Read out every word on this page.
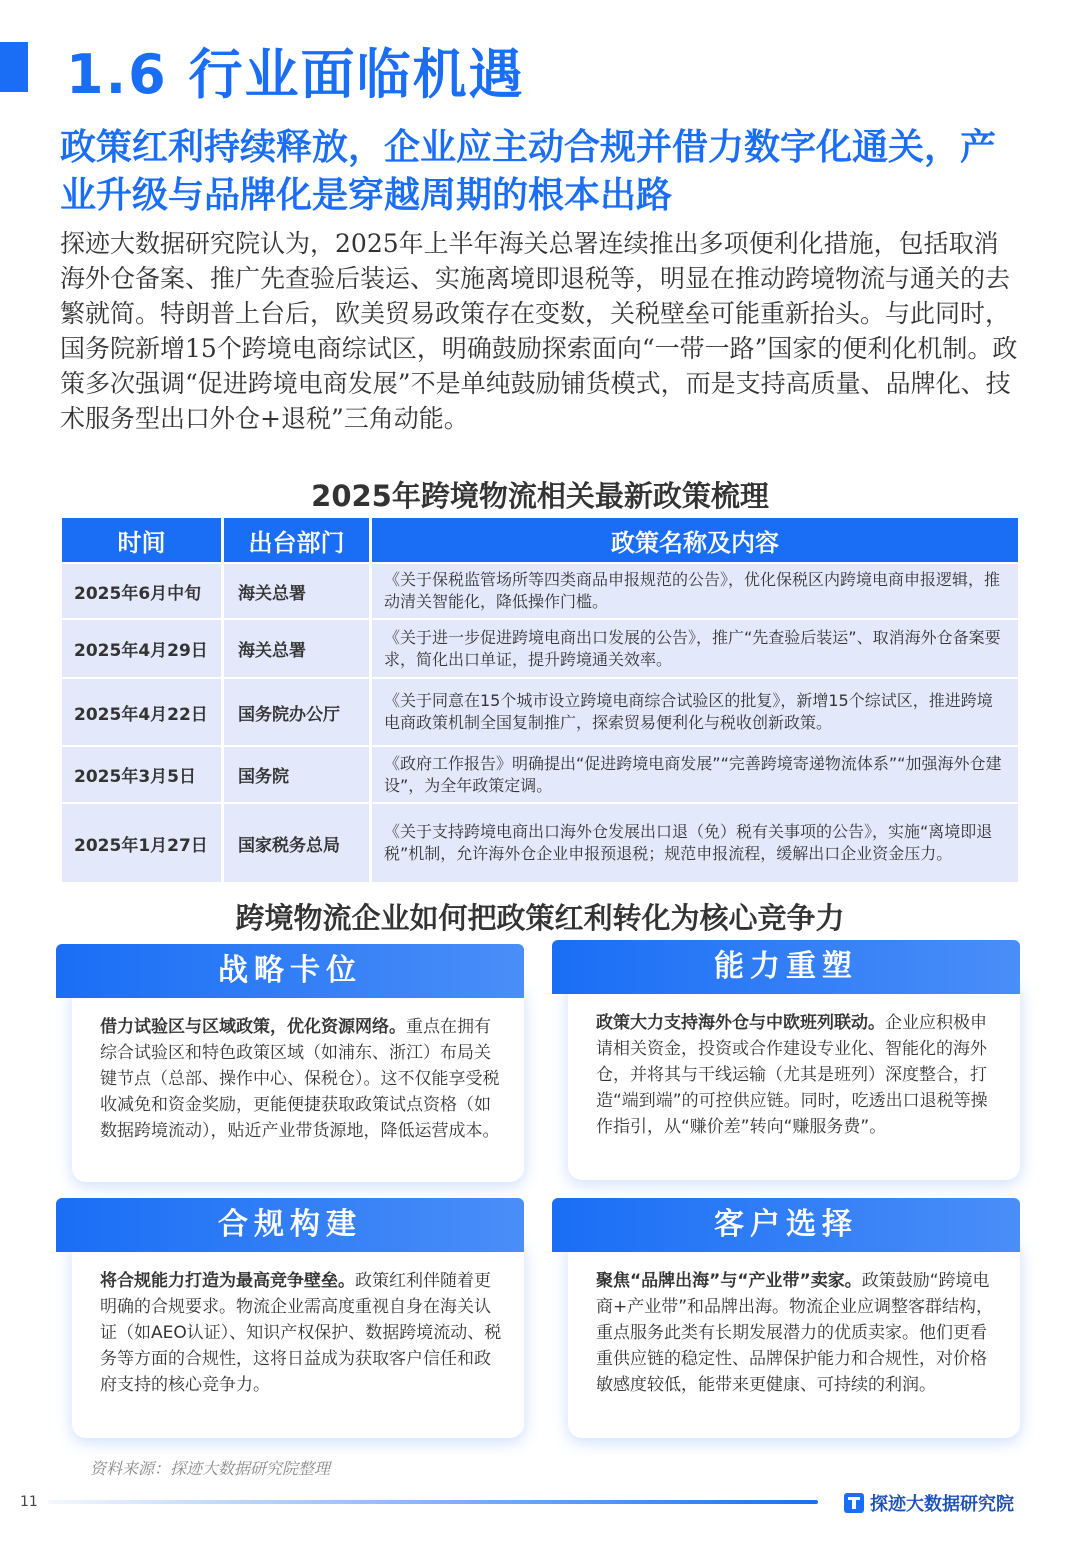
1.6 行业面临机遇
政策红利持续释放，企业应主动合规并借力数字化通关，产业升级与品牌化是穿越周期的根本出路

探迹大数据研究院认为，2025年上半年海关总署连续推出多项便利化措施，包括取消海外仓备案、推广先查验后装运、实施离境即退税等，明显在推动跨境物流与通关的去繁就简。特朗普上台后，欧美贸易政策存在变数，关税壁垒可能重新抬头。与此同时，国务院新增15个跨境电商综试区，明确鼓励探索面向“一带一路”国家的便利化机制。政策多次强调“促进跨境电商发展”不是单纯鼓励铺货模式，而是支持高质量、品牌化、技术服务型出口外仓+退税”三角动能。

2025年跨境物流相关最新政策梳理
时间	出台部门	政策名称及内容
2025年6月中旬	海关总署	《关于保税监管场所等四类商品申报规范的公告》，优化保税区内跨境电商申报逻辑，推动清关智能化，降低操作门槛。
2025年4月29日	海关总署	《关于进一步促进跨境电商出口发展的公告》，推广“先查验后装运”、取消海外仓备案要求，简化出口单证，提升跨境通关效率。
2025年4月22日	国务院办公厅	《关于同意在15个城市设立跨境电商综合试验区的批复》，新增15个综试区，推进跨境电商政策机制全国复制推广，探索贸易便利化与税收创新政策。
2025年3月5日	国务院	《政府工作报告》明确提出“促进跨境电商发展”“完善跨境寄递物流体系”“加强海外仓建设”，为全年政策定调。
2025年1月27日	国家税务总局	《关于支持跨境电商出口海外仓发展出口退（免）税有关事项的公告》，实施“离境即退税”机制，允许海外仓企业申报预退税；规范申报流程，缓解出口企业资金压力。
跨境物流企业如何把政策红利转化为核心竞争力
借力试验区与区域政策，优化资源网络。重点在拥有综合试验区和特色政策区域（如浦东、浙江）布局关键节点（总部、操作中心、保税仓）。这不仅能享受税收减免和资金奖励，更能便捷获取政策试点资格（如数据跨境流动），贴近产业带货源地，降低运营成本。
战略卡位
政策大力支持海外仓与中欧班列联动。企业应积极申请相关资金，投资或合作建设专业化、智能化的海外仓，并将其与干线运输（尤其是班列）深度整合，打造“端到端”的可控供应链。同时，吃透出口退税等操作指引，从“赚价差”转向“赚服务费”。
能力重塑
将合规能力打造为最高竞争壁垒。政策红利伴随着更明确的合规要求。物流企业需高度重视自身在海关认证（如AEO认证）、知识产权保护、数据跨境流动、税务等方面的合规性，这将日益成为获取客户信任和政府支持的核心竞争力。
合规构建
聚焦“品牌出海”与“产业带”卖家。政策鼓励“跨境电商+产业带”和品牌出海。物流企业应调整客群结构，重点服务此类有长期发展潜力的优质卖家。他们更看重供应链的稳定性、品牌保护能力和合规性，对价格敏感度较低，能带来更健康、可持续的利润。
客户选择
资料来源：探迹大数据研究院整理
11	探迹大数据研究院
